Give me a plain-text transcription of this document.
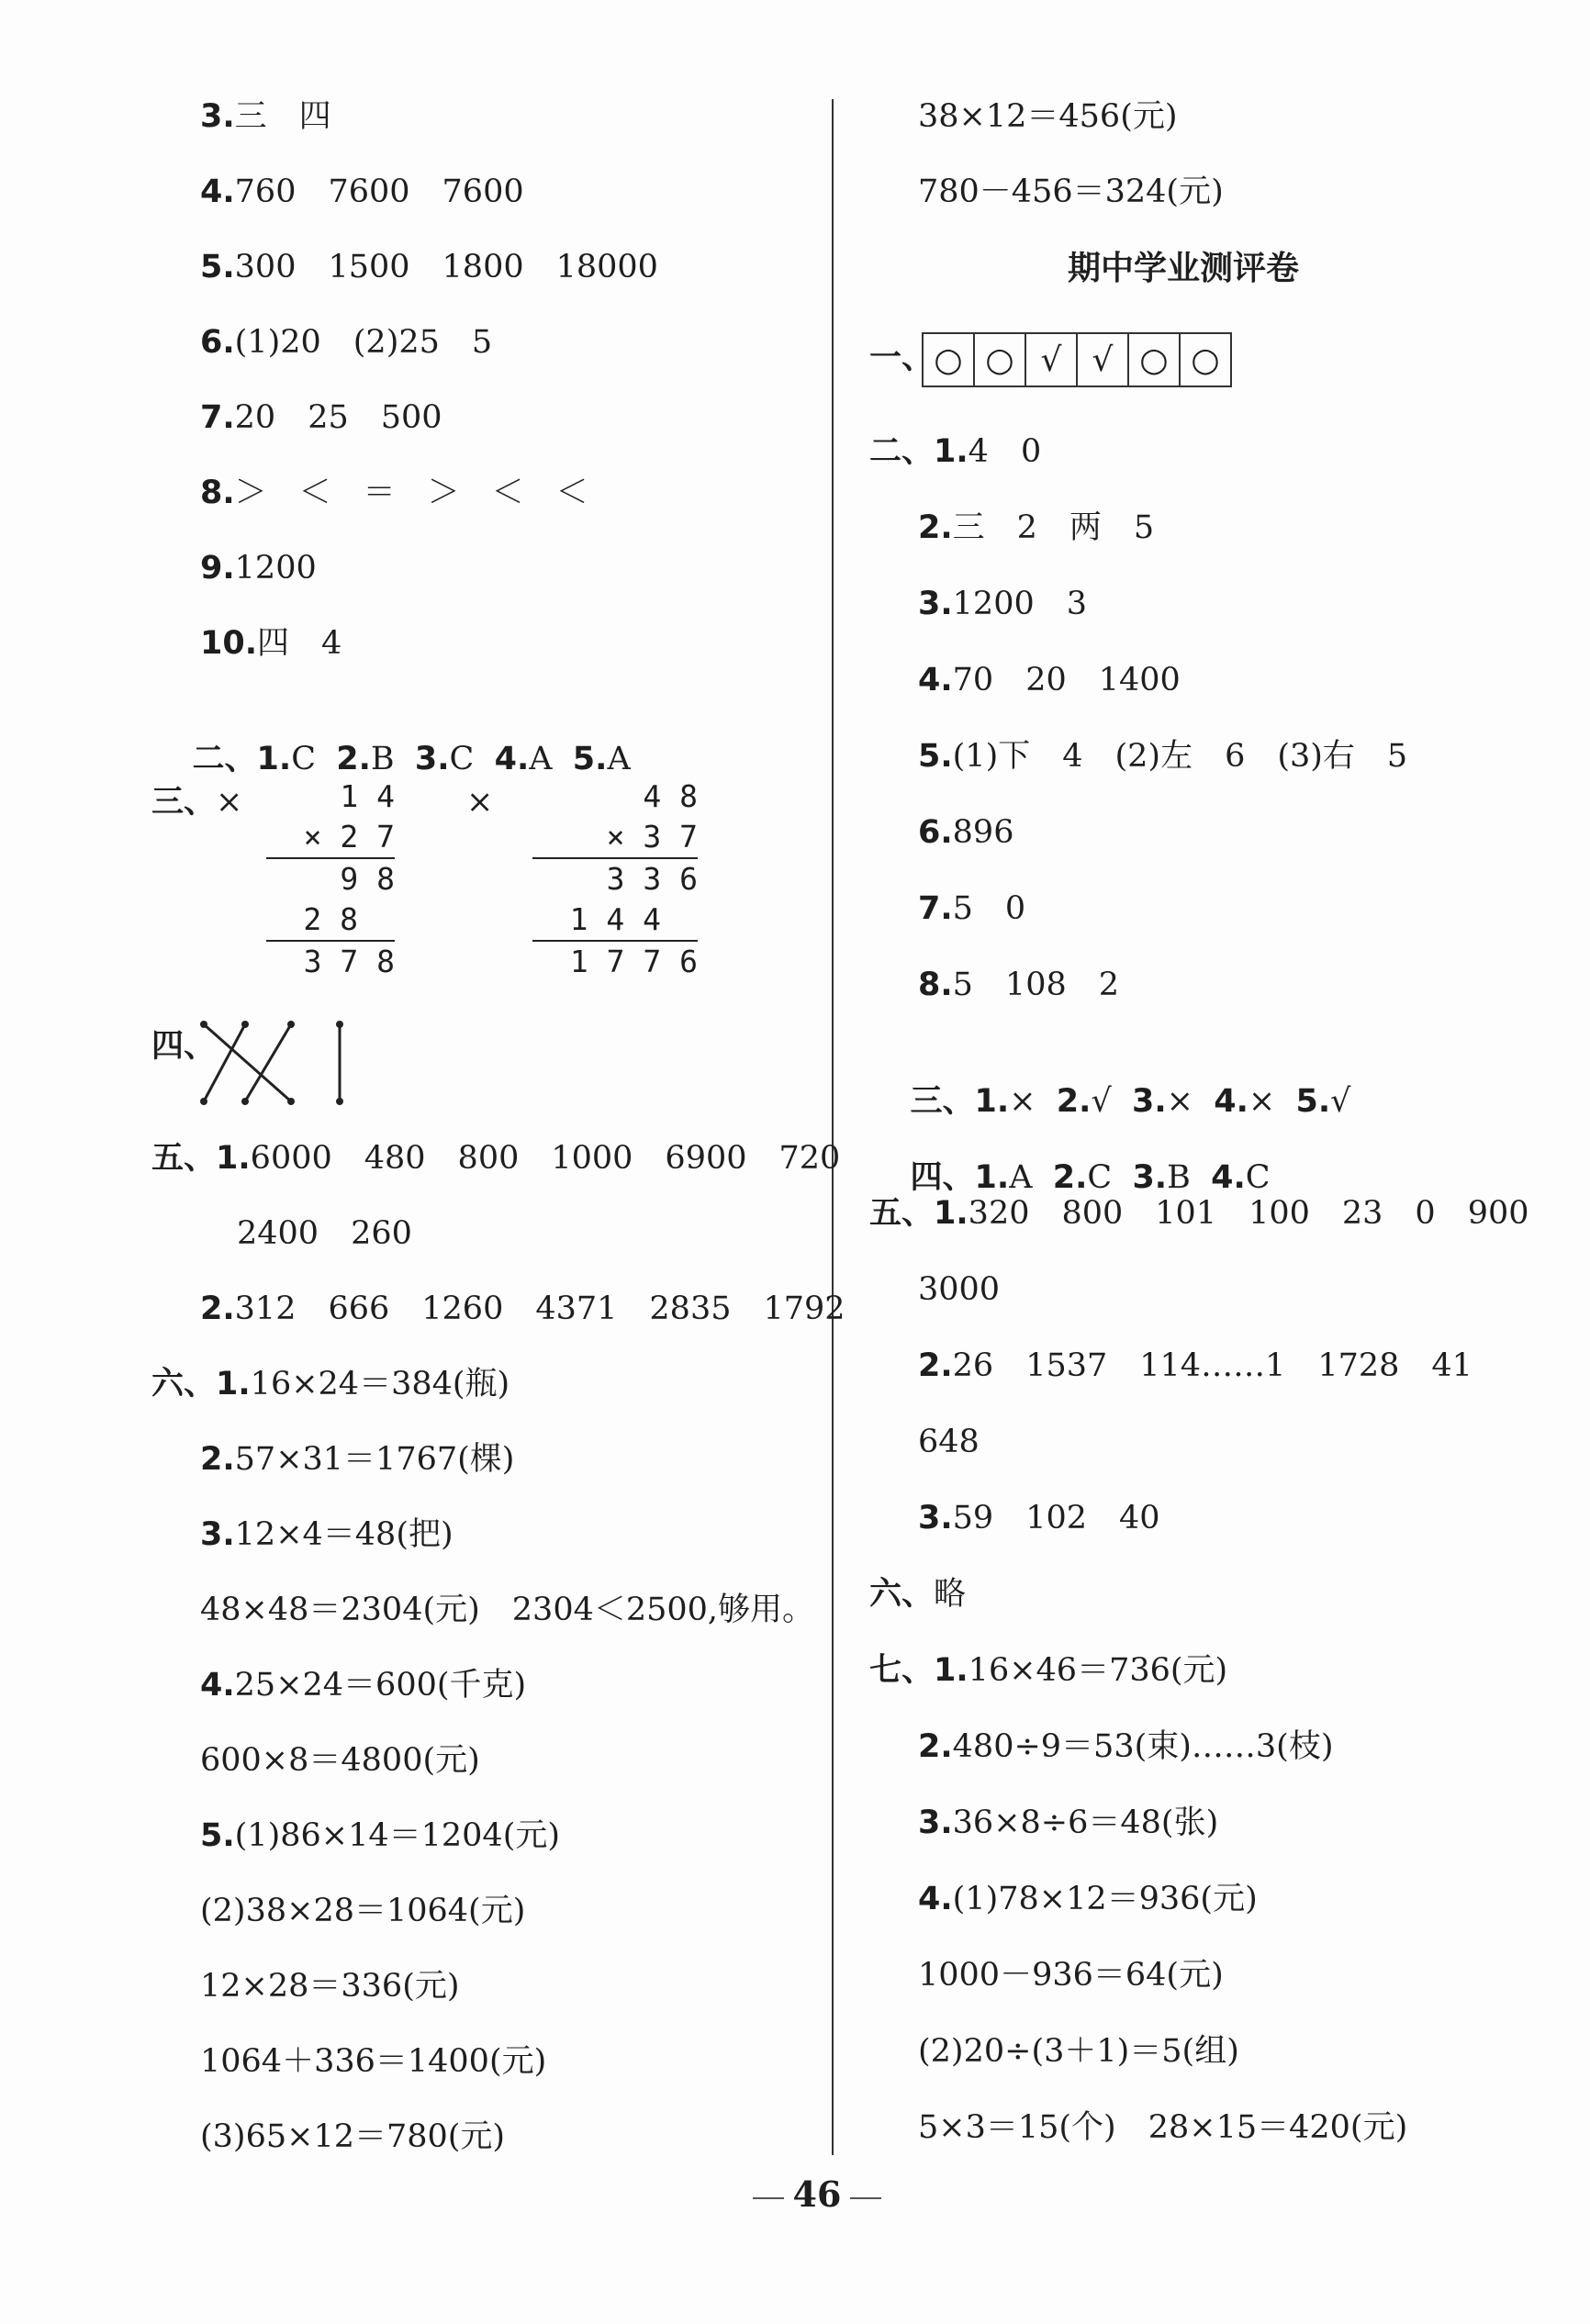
3.三　四
4.760　7600　7600
5.300　1500　1800　18000
6.(1)20　(2)25　5
7.20　25　500
8.＞　＜　＝　＞　＜　＜
9.1200
10.四　4

二、1.C 2.B 3.C 4.A 5.A

三、×	1 4
× 2 7
9 8
2 8
3 7 8
×	4 8
× 3 7
3 3 6
1 4 4
1 7 7 6
四、
五、1.6000　480　800　1000　6900　720
2400　260
2.312　666　1260　4371　2835　1792
六、1.16×24＝384(瓶)
2.57×31＝1767(棵)
3.12×4＝48(把)
48×48＝2304(元)　2304＜2500,够用。
4.25×24＝600(千克)
600×8＝4800(元)
5.(1)86×14＝1204(元)
(2)38×28＝1064(元)
12×28＝336(元)
1064＋336＝1400(元)
(3)65×12＝780(元)
38×12＝456(元)
780－456＝324(元)
期中学业测评卷
一、 ○ ○ √ √ ○ ○
二、1.4　0
2.三　2　两　5
3.1200　3
4.70　20　1400
5.(1)下　4　(2)左　6　(3)右　5
6.896
7.5　0
8.5　108　2

三、1.× 2.√ 3.× 4.× 5.√

四、1.A 2.C 3.B 4.C

五、1.320　800　101　100　23　0　900
3000
2.26　1537　114……1　1728　41
648
3.59　102　40
六、略
七、1.16×46＝736(元)
2.480÷9＝53(束)……3(枝)
3.36×8÷6＝48(张)
4.(1)78×12＝936(元)
1000－936＝64(元)
(2)20÷(3＋1)＝5(组)
5×3＝15(个)　28×15＝420(元)
46
